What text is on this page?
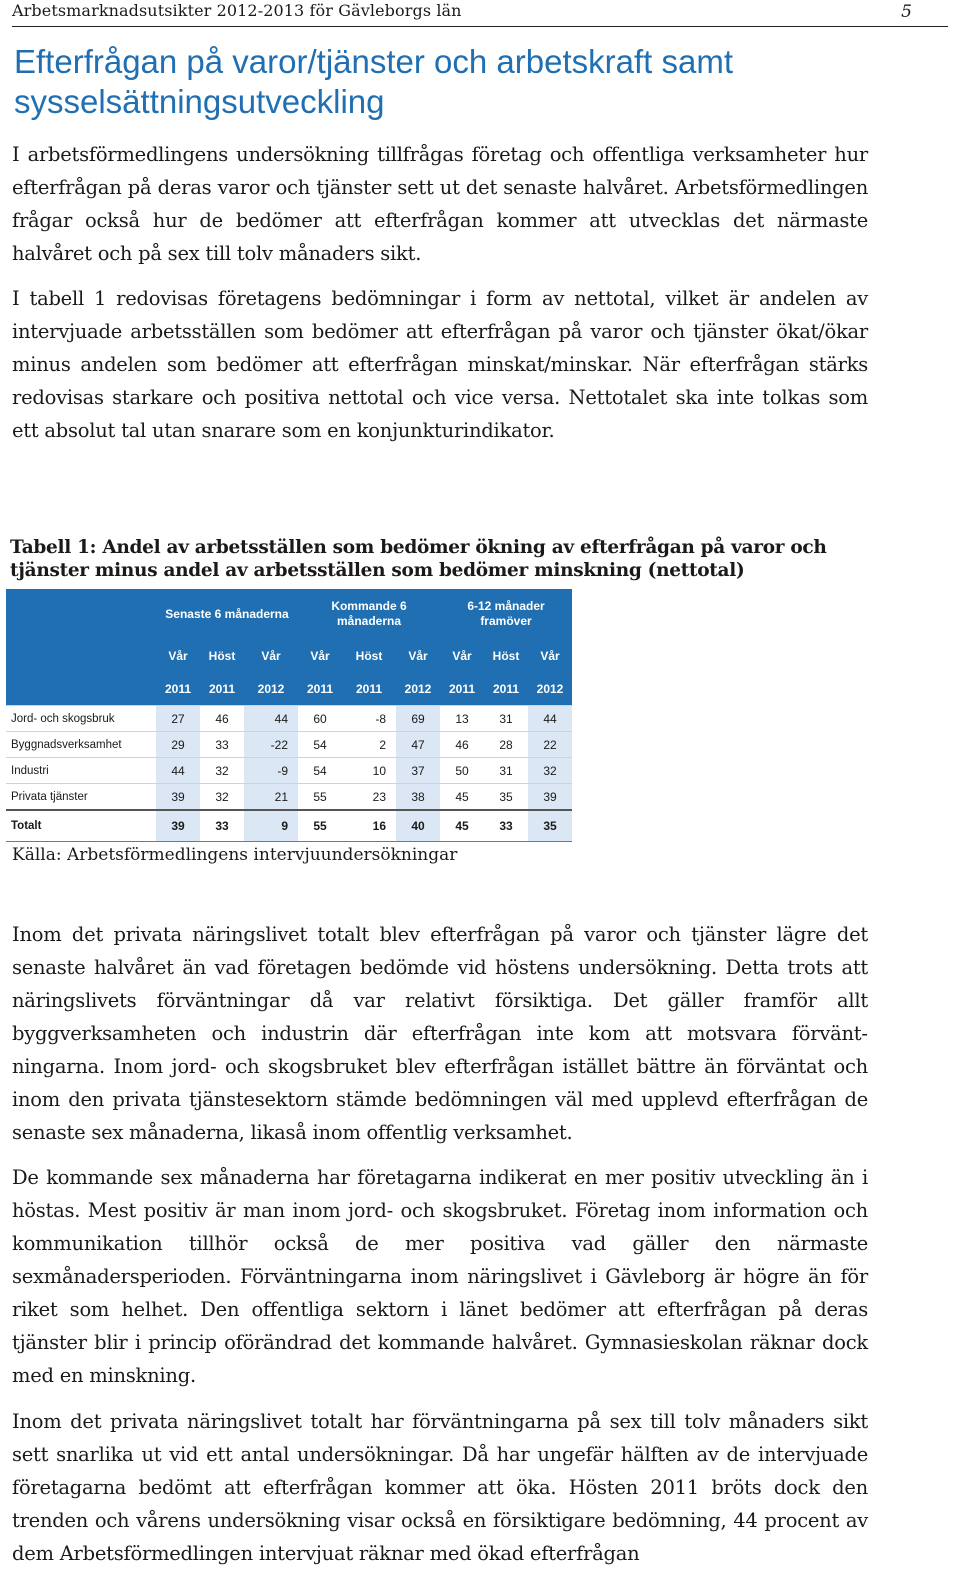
Arbetsmarknadsutsikter 2012-2013 för Gävleborgs län	5
Efterfrågan på varor/tjänster och arbetskraft samt sysselsättningsutveckling

I arbetsförmedlingens undersökning tillfrågas företag och offentliga verksamheter hur efterfrågan på deras varor och tjänster sett ut det senaste halvåret. Arbetsförmedlingen frågar också hur de bedömer att efterfrågan kommer att utvecklas det närmaste halvåret och på sex till tolv månaders sikt.

I tabell 1 redovisas företagens bedömningar i form av nettotal, vilket är andelen av intervjuade arbetsställen som bedömer att efterfrågan på varor och tjänster ökat/ökar minus andelen som bedömer att efterfrågan minskat/minskar. När efterfrågan stärks redovisas starkare och positiva nettotal och vice versa. Nettotalet ska inte tolkas som ett absolut tal utan snarare som en konjunkturindikator.

Tabell 1: Andel av arbetsställen som bedömer ökning av efterfrågan på varor och tjänster minus andel av arbetsställen som bedömer minskning (nettotal)

	Senaste 6 månaderna			Kommande 6 månaderna			6-12 månader framöver		
	Vår	Höst	Vår	Vår	Höst	Vår	Vår	Höst	Vår
	2011	2011	2012	2011	2011	2012	2011	2011	2012
Jord- och skogsbruk	27	46	44	60	-8	69	13	31	44
Byggnadsverksamhet	29	33	-22	54	2	47	46	28	22
Industri	44	32	-9	54	10	37	50	31	32
Privata tjänster	39	32	21	55	23	38	45	35	39
Totalt	39	33	9	55	16	40	45	33	35
Källa: Arbetsförmedlingens intervjuundersökningar

Inom det privata näringslivet totalt blev efterfrågan på varor och tjänster lägre det senaste halvåret än vad företagen bedömde vid höstens undersökning. Detta trots att näringslivets förväntningar då var relativt försiktiga. Det gäller framför allt byggverksamheten och industrin där efterfrågan inte kom att motsvara förväntningarna. Inom jord- och skogsbruket blev efterfrågan istället bättre än förväntat och inom den privata tjänstesektorn stämde bedömningen väl med upplevd efterfrågan de senaste sex månaderna, likaså inom offentlig verksamhet.

De kommande sex månaderna har företagarna indikerat en mer positiv utveckling än i höstas. Mest positiv är man inom jord- och skogsbruket. Företag inom information och kommunikation tillhör också de mer positiva vad gäller den närmaste sexmånadersperioden. Förväntningarna inom näringslivet i Gävleborg är högre än för riket som helhet. Den offentliga sektorn i länet bedömer att efterfrågan på deras tjänster blir i princip oförändrad det kommande halvåret. Gymnasieskolan räknar dock med en minskning.

Inom det privata näringslivet totalt har förväntningarna på sex till tolv månaders sikt sett snarlika ut vid ett antal undersökningar. Då har ungefär hälften av de intervjuade företagarna bedömt att efterfrågan kommer att öka. Hösten 2011 bröts dock den trenden och vårens undersökning visar också en försiktigare bedömning, 44 procent av dem Arbetsförmedlingen intervjuat räknar med ökad efterfrågan
